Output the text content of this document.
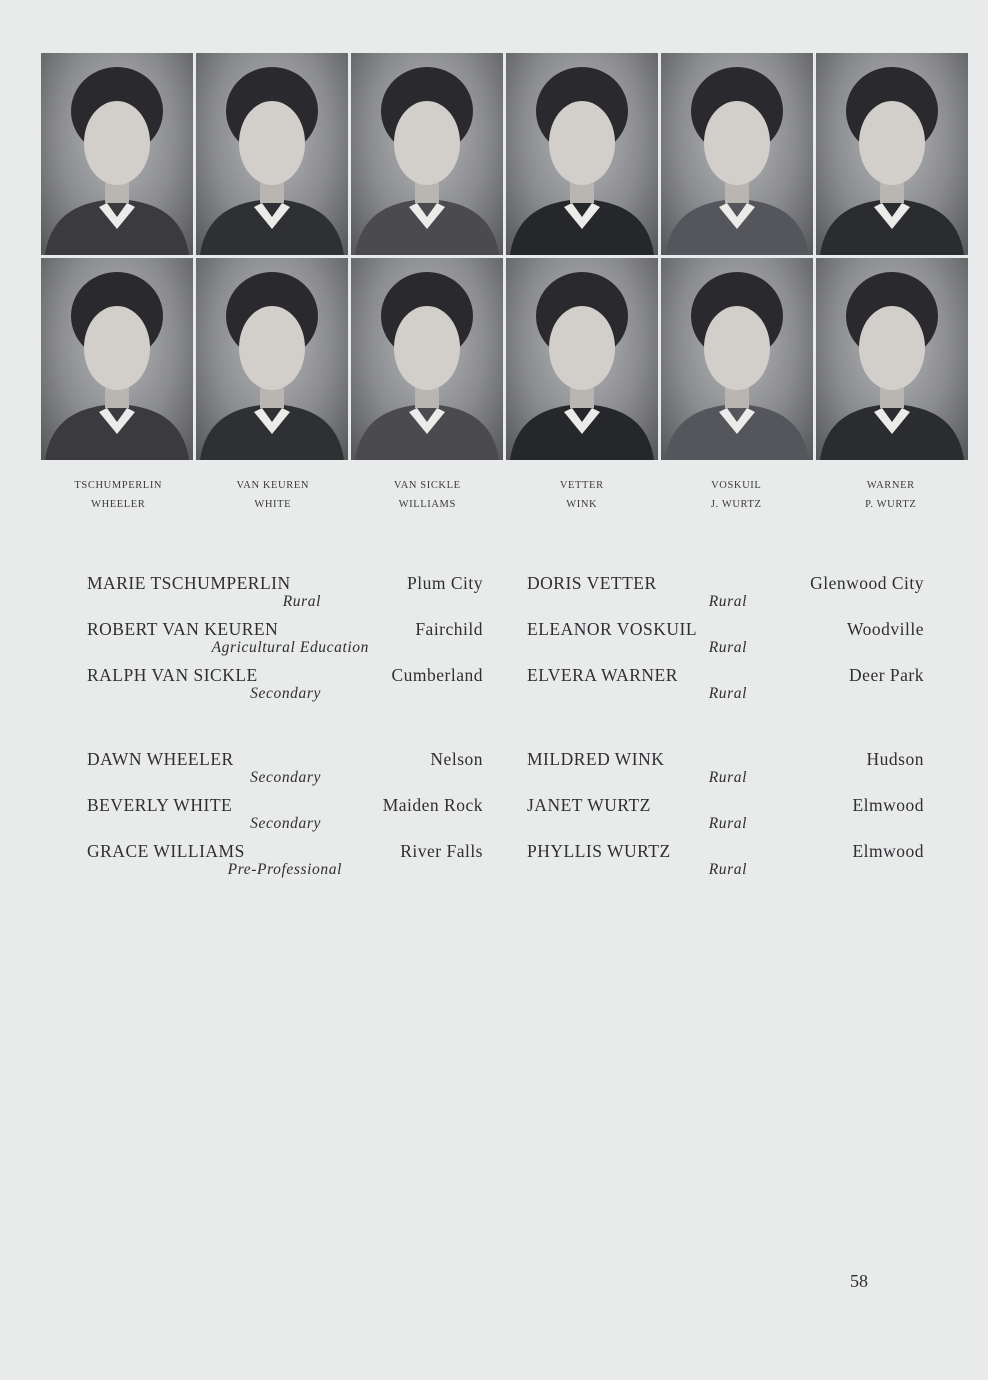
TSCHUMPERLIN
WHEELER
VAN KEUREN
WHITE
VAN SICKLE
WILLIAMS
VETTER
WINK
VOSKUIL
J. WURTZ
WARNER
P. WURTZ
MARIE TSCHUMPERLIN	Plum City
Rural
ROBERT VAN KEUREN	Fairchild
Agricultural Education
RALPH VAN SICKLE	Cumberland
Secondary
DAWN WHEELER	Nelson
Secondary
BEVERLY WHITE	Maiden Rock
Secondary
GRACE WILLIAMS	River Falls
Pre-Professional
DORIS VETTER	Glenwood City
Rural
ELEANOR VOSKUIL	Woodville
Rural
ELVERA WARNER	Deer Park
Rural
MILDRED WINK	Hudson
Rural
JANET WURTZ	Elmwood
Rural
PHYLLIS WURTZ	Elmwood
Rural
58
